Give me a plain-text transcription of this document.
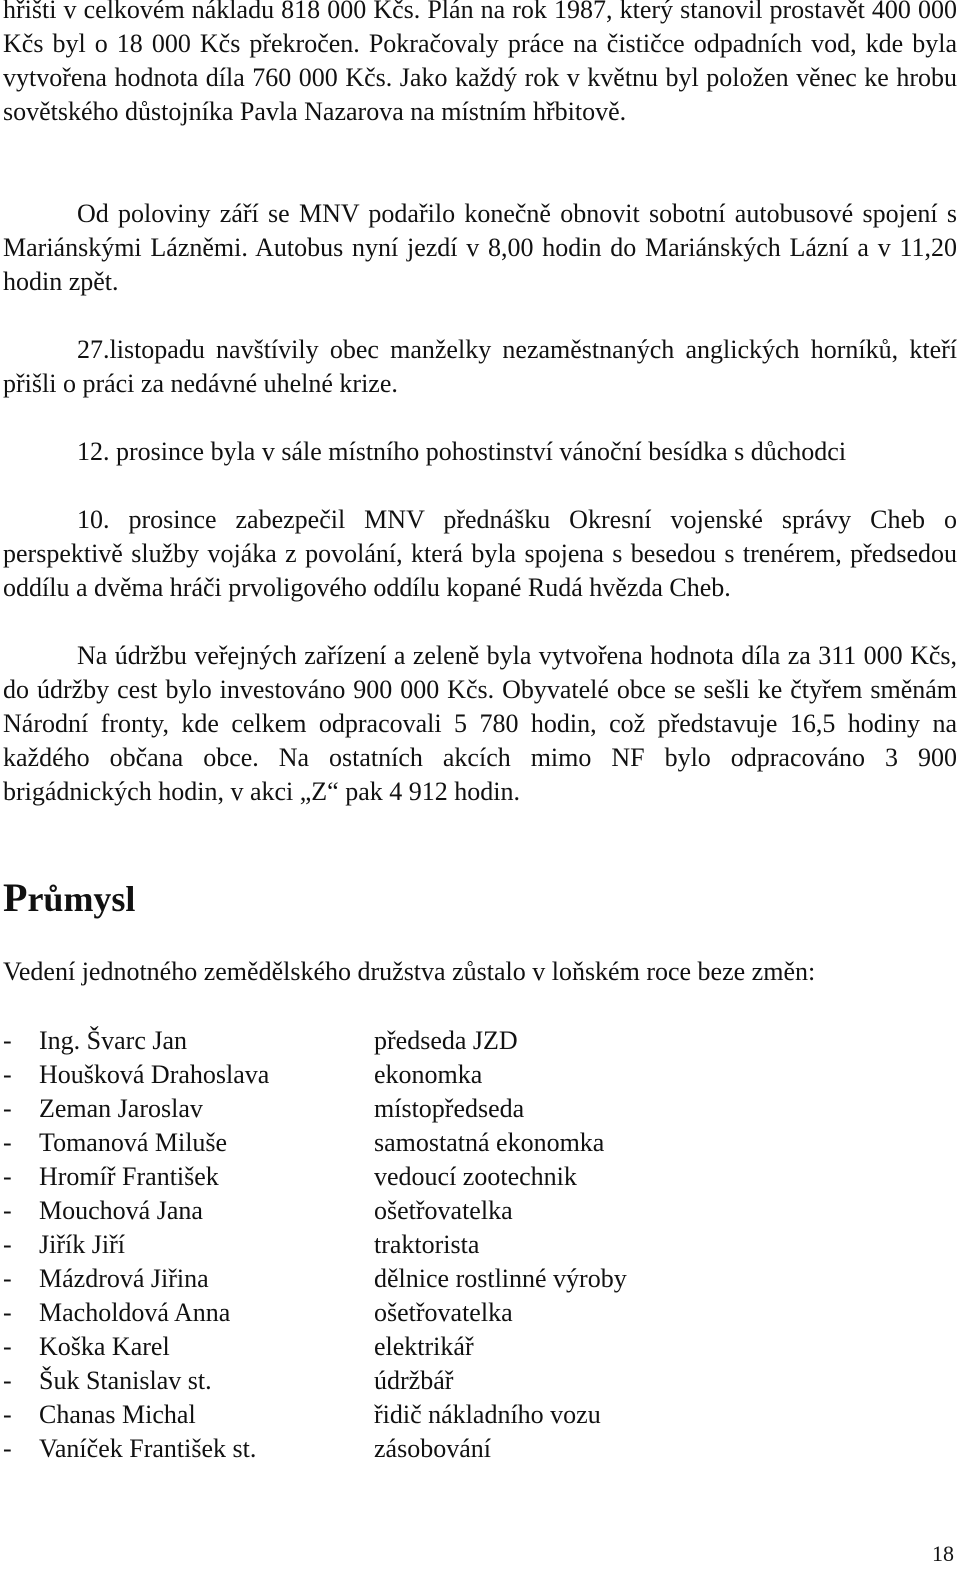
hřišti v celkovém nákladu 818 000 Kčs. Plán na rok 1987, který stanovil prostavět 400 000 Kčs byl o 18 000 Kčs překročen. Pokračovaly práce na čističce odpadních vod, kde byla vytvořena hodnota díla 760 000 Kčs. Jako každý rok v květnu byl položen věnec ke hrobu sovětského důstojníka Pavla Nazarova na místním hřbitově.

Od poloviny září se MNV podařilo konečně obnovit sobotní autobusové spojení s Mariánskými Lázněmi. Autobus nyní jezdí v 8,00 hodin do Mariánských Lázní a v 11,20 hodin zpět.

27.listopadu navštívily obec manželky nezaměstnaných anglických horníků, kteří přišli o práci za nedávné uhelné krize.

12. prosince byla v sále místního pohostinství vánoční besídka s důchodci

10. prosince zabezpečil MNV přednášku Okresní vojenské správy Cheb o perspektivě služby vojáka z povolání, která byla spojena s besedou s trenérem, předsedou oddílu a dvěma hráči prvoligového oddílu kopané Rudá hvězda Cheb.

Na údržbu veřejných zařízení a zeleně byla vytvořena hodnota díla za 311 000 Kčs, do údržby cest bylo investováno 900 000 Kčs. Obyvatelé obce se sešli ke čtyřem směnám Národní fronty, kde celkem odpracovali 5 780 hodin, což představuje 16,5 hodiny na každého občana obce. Na ostatních akcích mimo NF bylo odpracováno 3 900 brigádnických hodin, v akci „Z“ pak 4 912 hodin.

Průmysl

Vedení jednotného zemědělského družstva zůstalo v loňském roce beze změn:

- Ing. Švarc Jan	předseda JZD
- Houšková Drahoslava	ekonomka
- Zeman Jaroslav	místopředseda
- Tomanová Miluše	samostatná ekonomka
- Hromíř František	vedoucí zootechnik
- Mouchová Jana	ošetřovatelka
- Jiřík Jiří	traktorista
- Mázdrová Jiřina	dělnice rostlinné výroby
- Macholdová Anna	ošetřovatelka
- Koška Karel	elektrikář
- Šuk Stanislav st.	údržbář
- Chanas Michal	řidič nákladního vozu
- Vaníček František st.	zásobování
18
